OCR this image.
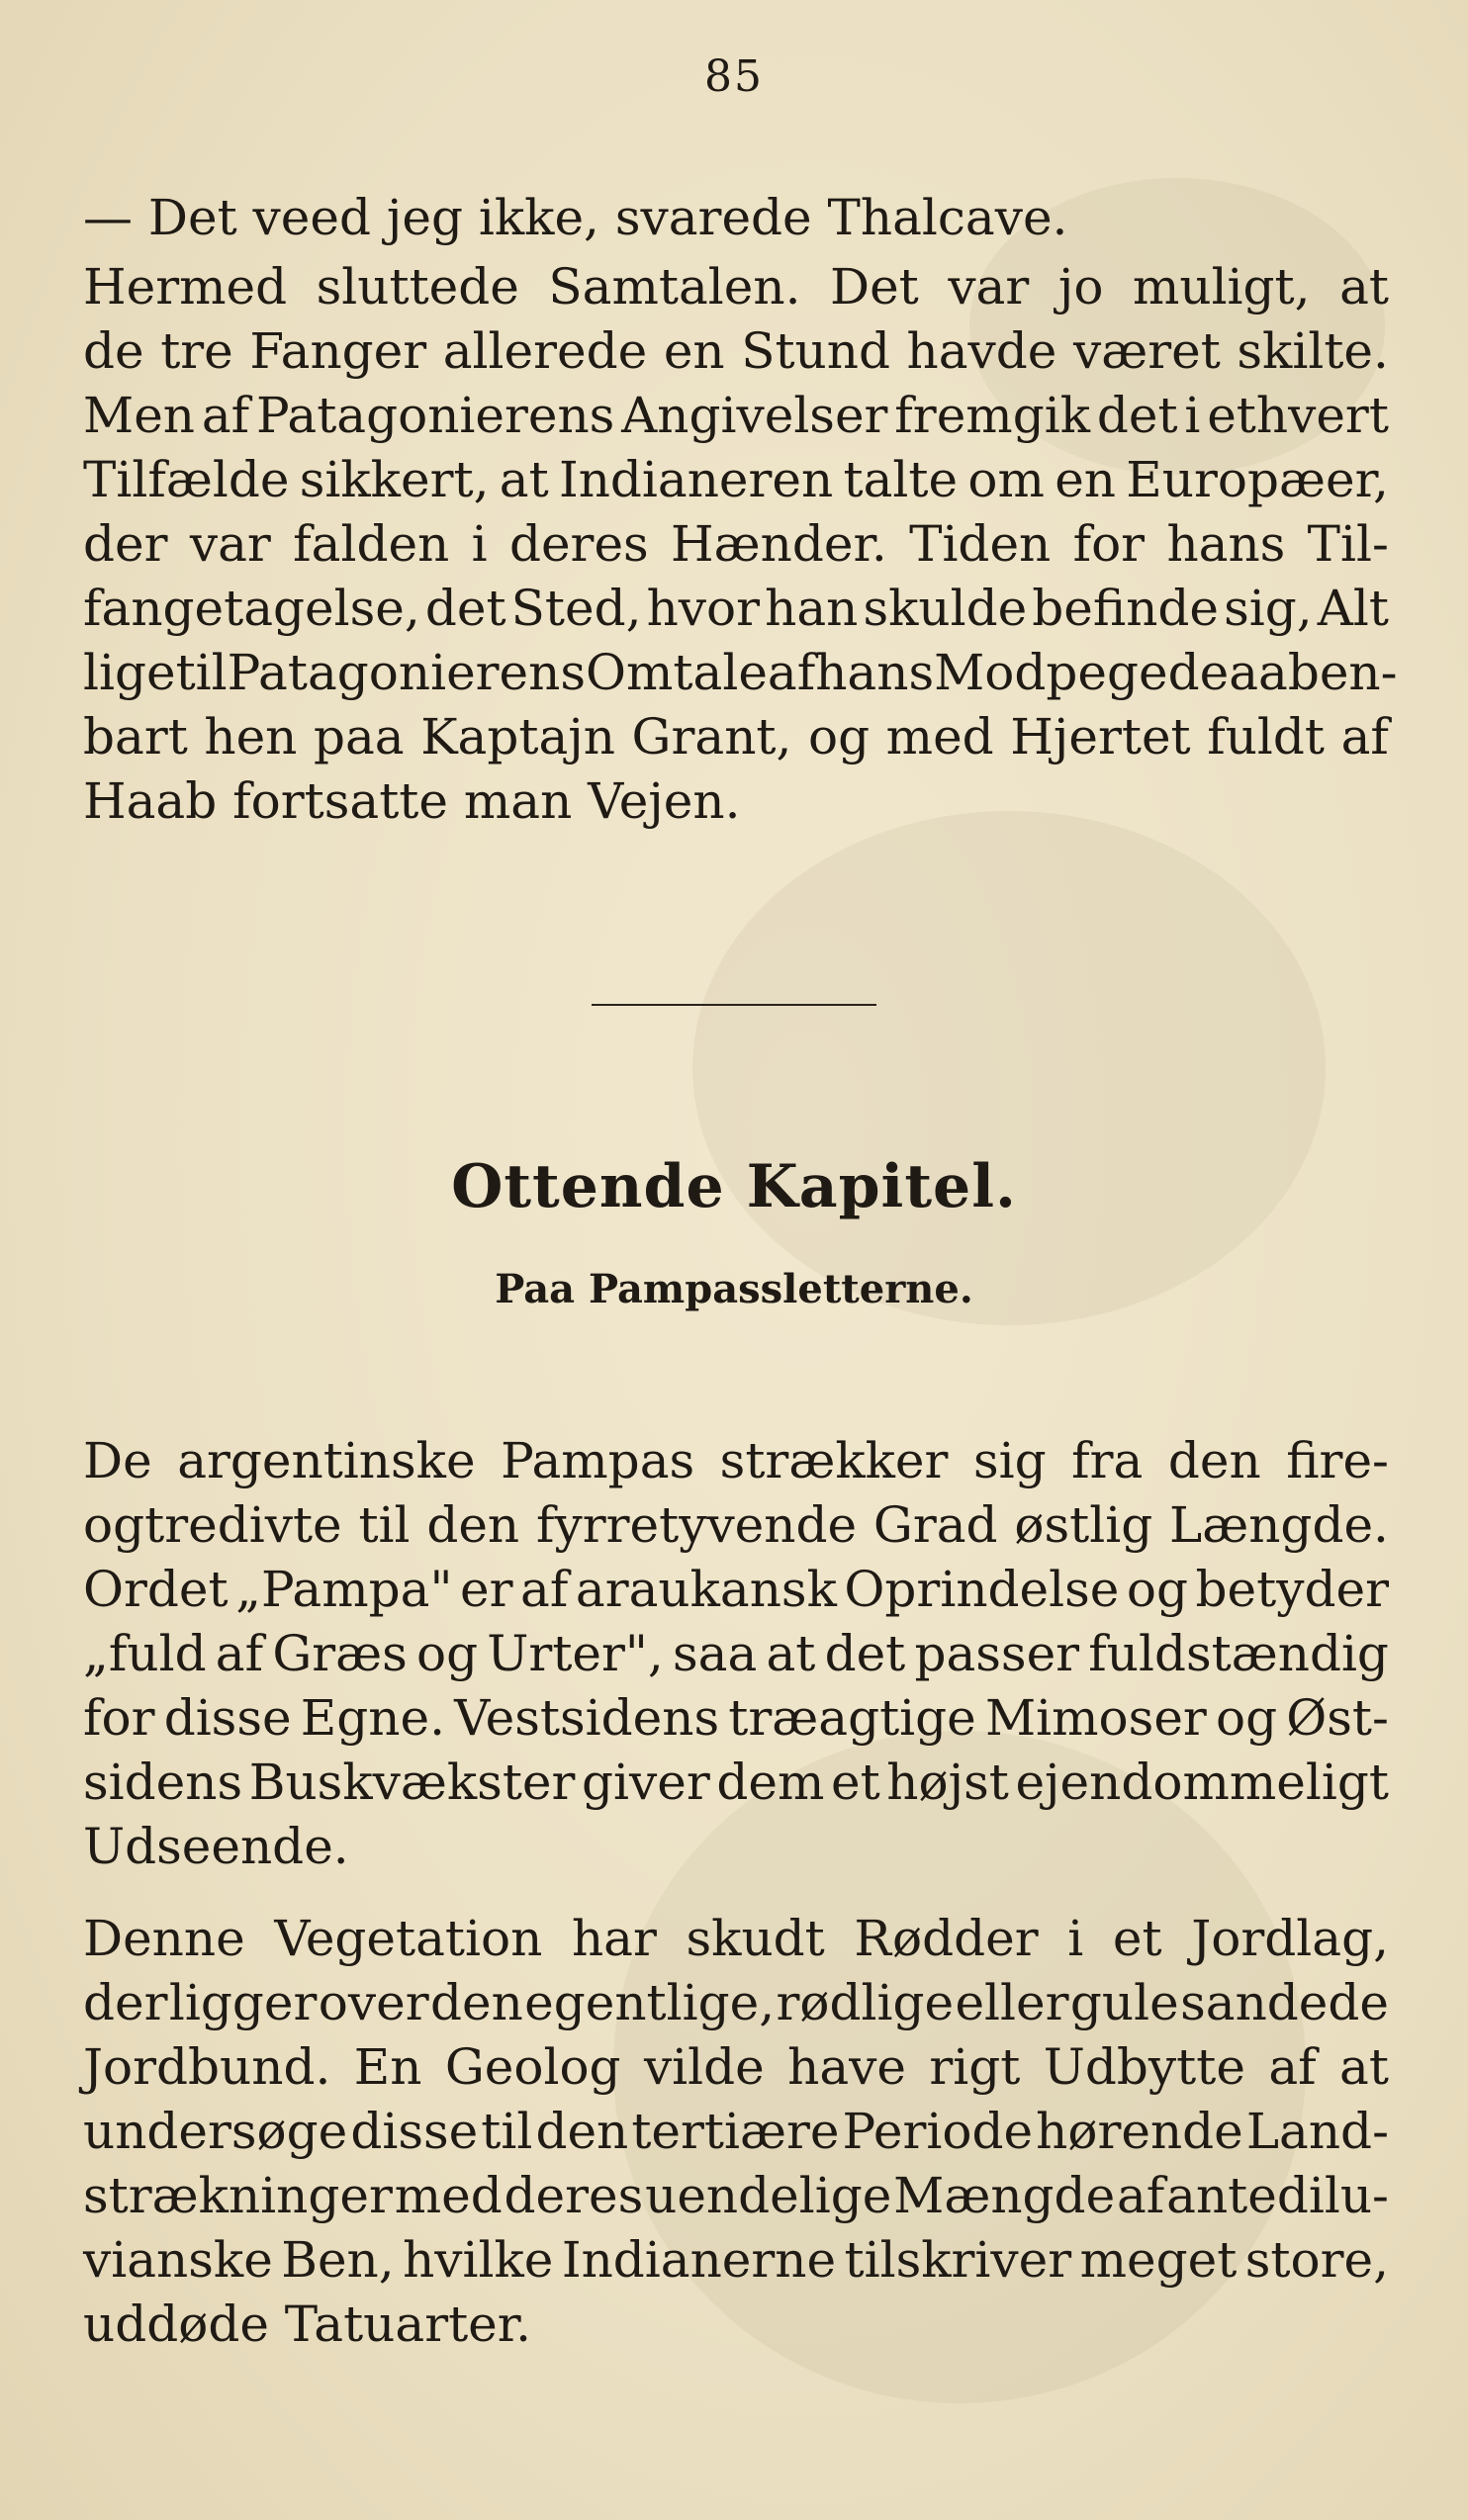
85
— Det veed jeg ikke, svarede Thalcave.
Hermed sluttede Samtalen. Det var jo muligt, at
de tre Fanger allerede en Stund havde været skilte.
Men af Patagonierens Angivelser fremgik det i ethvert
Tilfælde sikkert, at Indianeren talte om en Europæer,
der var falden i deres Hænder. Tiden for hans Til-
fangetagelse, det Sted, hvor han skulde befinde sig, Alt
ligetil Patagonierens Omtale af hans Mod pegede aaben-
bart hen paa Kaptajn Grant, og med Hjertet fuldt af
Haab fortsatte man Vejen.
Ottende Kapitel.
Paa Pampassletterne.
De argentinske Pampas strækker sig fra den fire-
ogtredivte til den fyrretyvende Grad østlig Længde.
Ordet „Pampa" er af araukansk Oprindelse og betyder
„fuld af Græs og Urter", saa at det passer fuldstændig
for disse Egne. Vestsidens træagtige Mimoser og Øst-
sidens Buskvækster giver dem et højst ejendommeligt
Udseende.
Denne Vegetation har skudt Rødder i et Jordlag,
der ligger over den egentlige, rødlige eller gule sandede
Jordbund. En Geolog vilde have rigt Udbytte af at
undersøge disse til den tertiære Periode hørende Land-
strækninger med deres uendelige Mængde af antedilu-
vianske Ben, hvilke Indianerne tilskriver meget store,
uddøde Tatuarter.
